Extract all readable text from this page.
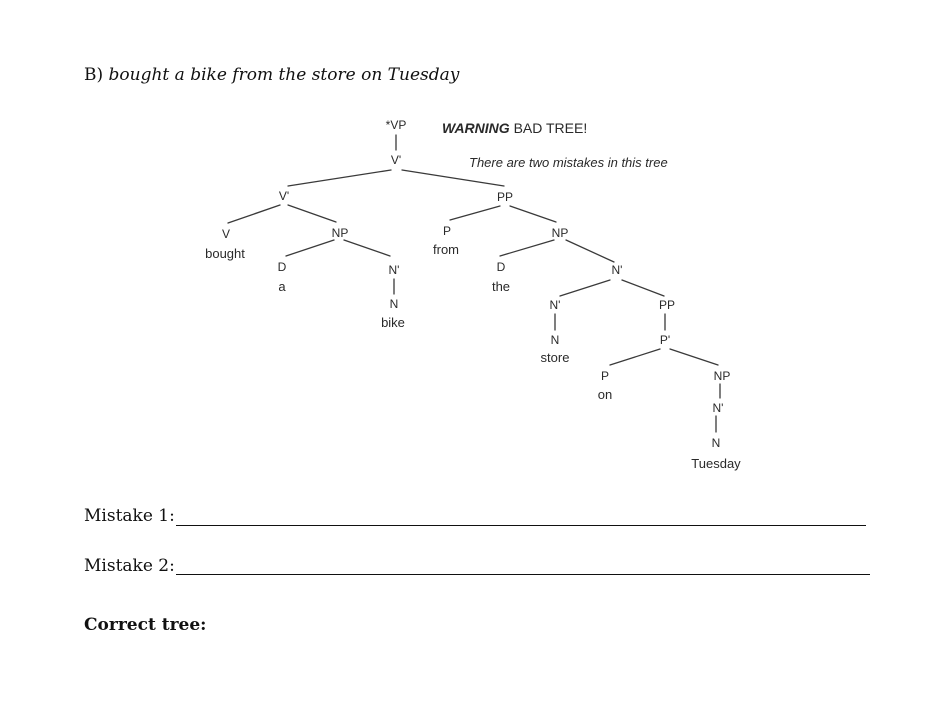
B) bought a bike from the store on Tuesday
WARNING BAD TREE!
There are two mistakes in this tree
*VP
V'
V'
V
bought
NP
D
a
N'
N
bike
PP
P
from
NP
D
the
N'
N'
N
store
PP
P'
P
on
NP
N'
N
Tuesday
Mistake 1:
Mistake 2:
Correct tree:
